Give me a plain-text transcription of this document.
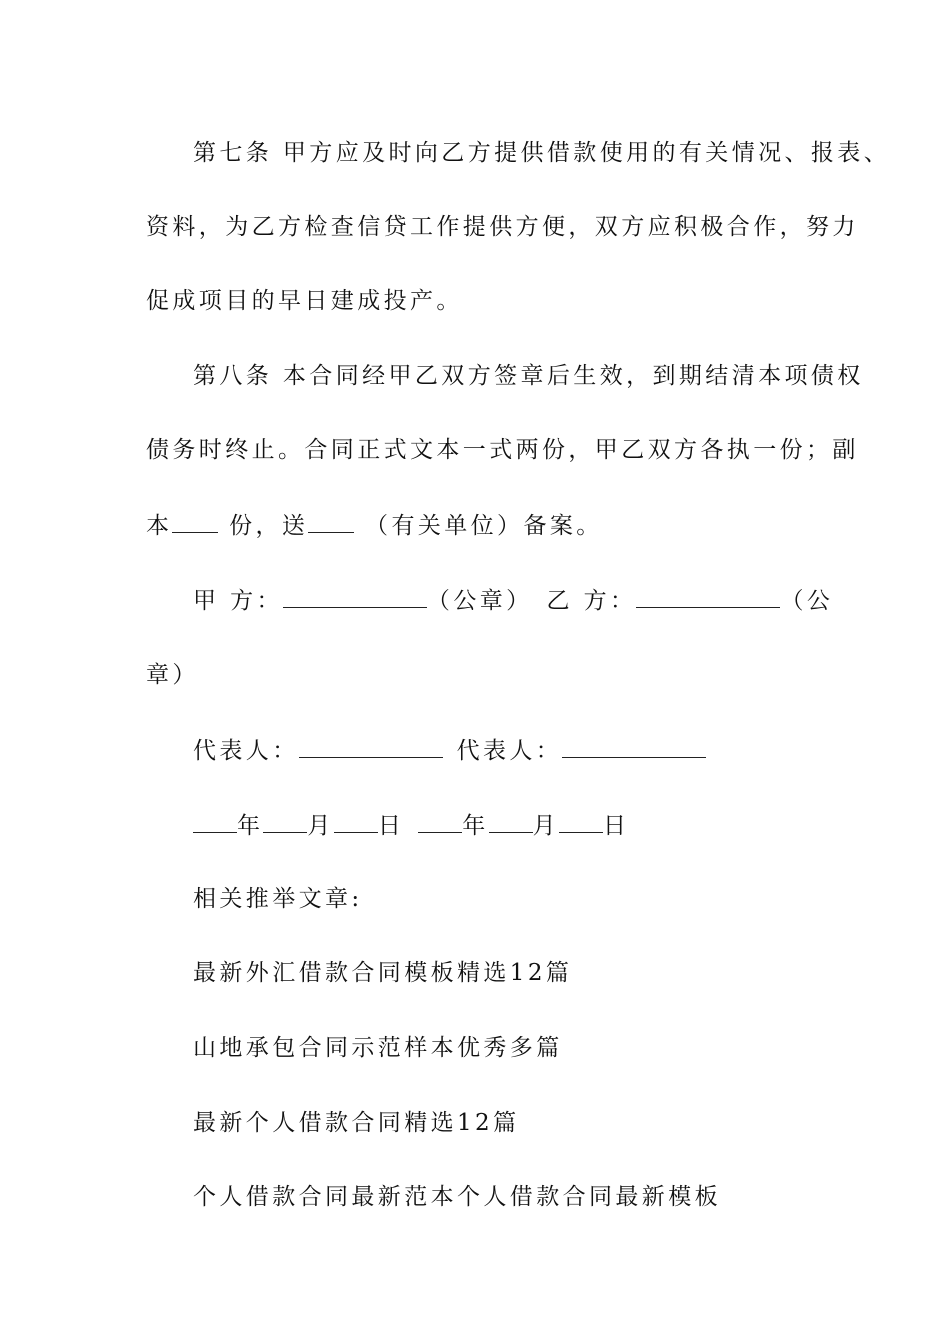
第七条 甲方应及时向乙方提供借款使用的有关情况、报表、
资料，为乙方检查信贷工作提供方便，双方应积极合作，努力
促成项目的早日建成投产。
第八条 本合同经甲乙双方签章后生效，到期结清本项债权
债务时终止。合同正式文本一式两份，甲乙双方各执一份；副
本 份，送 （有关单位）备案。
甲 方：	（公章） 乙 方：	（公
章）
代表人：	代表人：
年 月 日	年 月 日
相关推举文章:
最新外汇借款合同模板精选12篇
山地承包合同示范样本优秀多篇
最新个人借款合同精选12篇
个人借款合同最新范本个人借款合同最新模板
